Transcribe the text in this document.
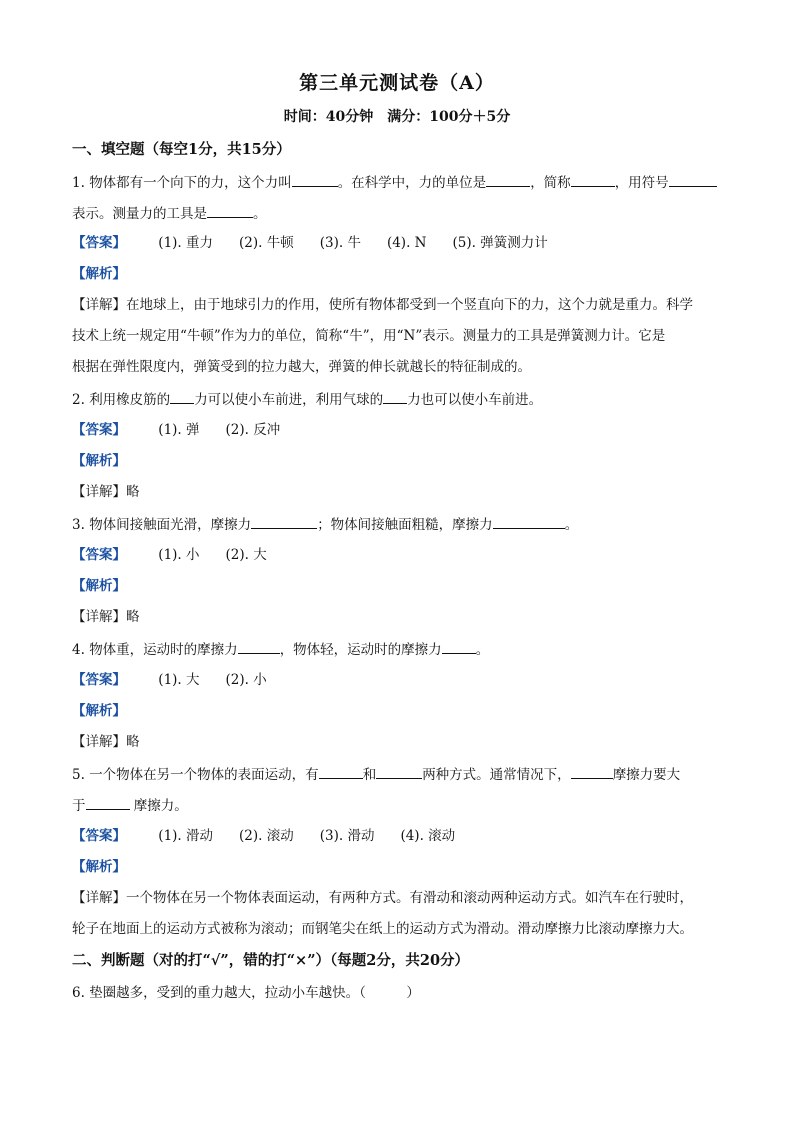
第三单元测试卷（A）
时间：40分钟　满分：100分＋5分
一、填空题（每空1分，共15分）
1. 物体都有一个向下的力，这个力叫	。在科学中，力的单位是	，简称	，用符号
表示。测量力的工具是	。
【答案】 (1). 重力 (2). 牛顿 (3). 牛 (4). N (5). 弹簧测力计
【解析】
【详解】在地球上，由于地球引力的作用，使所有物体都受到一个竖直向下的力，这个力就是重力。科学
技术上统一规定用“牛顿”作为力的单位，简称“牛”，用“N”表示。测量力的工具是弹簧测力计。它是
根据在弹性限度内，弹簧受到的拉力越大，弹簧的伸长就越长的特征制成的。
2. 利用橡皮筋的 力可以使小车前进，利用气球的 力也可以使小车前进。
【答案】 (1). 弹 (2). 反冲
【解析】
【详解】略
3. 物体间接触面光滑，摩擦力	；物体间接触面粗糙，摩擦力	。
【答案】 (1). 小 (2). 大
【解析】
【详解】略
4. 物体重，运动时的摩擦力	，物体轻，运动时的摩擦力	。
【答案】 (1). 大 (2). 小
【解析】
【详解】略
5. 一个物体在另一个物体的表面运动，有	和	两种方式。通常情况下，	摩擦力要大
于	摩擦力。
【答案】 (1). 滑动 (2). 滚动 (3). 滑动 (4). 滚动
【解析】
【详解】一个物体在另一个物体表面运动，有两种方式。有滑动和滚动两种运动方式。如汽车在行驶时，
轮子在地面上的运动方式被称为滚动；而钢笔尖在纸上的运动方式为滑动。滑动摩擦力比滚动摩擦力大。
二、判断题（对的打“√”，错的打“×”）（每题2分，共20分）
6. 垫圈越多，受到的重力越大，拉动小车越快。（　　　）
